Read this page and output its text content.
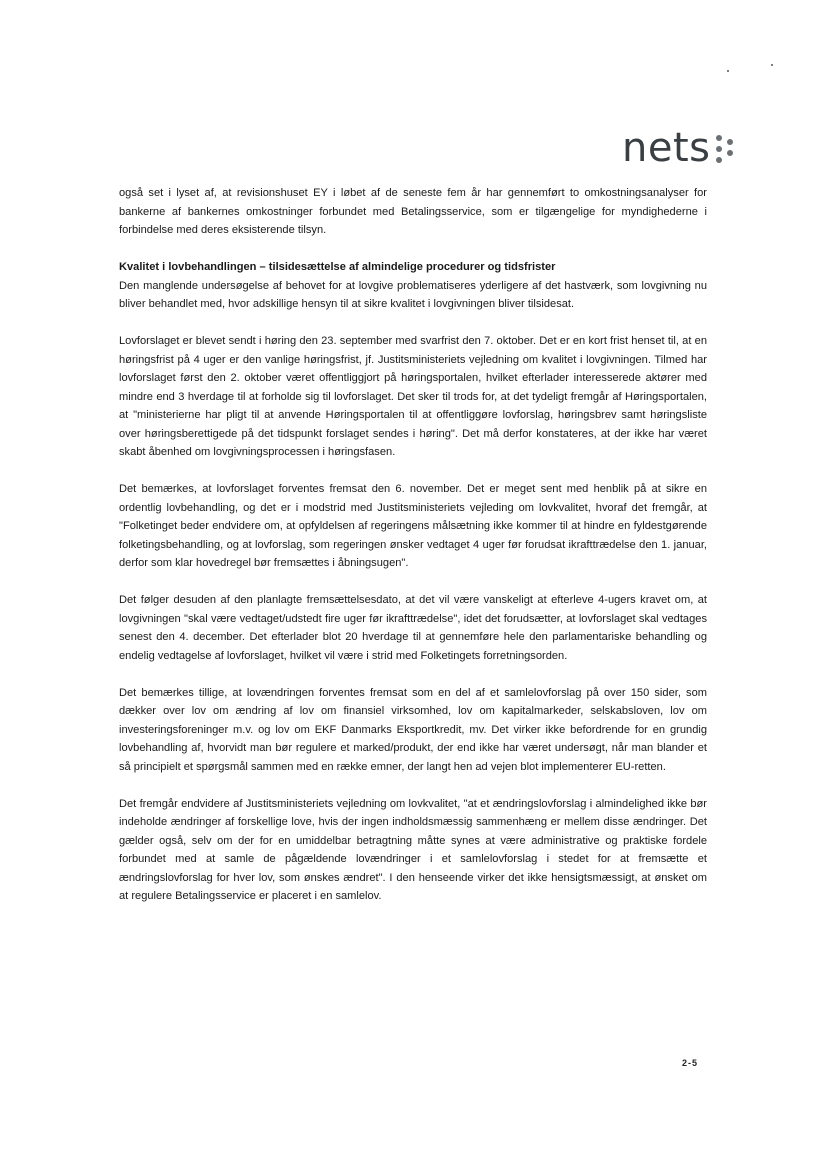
nets

også set i lyset af, at revisionshuset EY i løbet af de seneste fem år har gennemført to omkostningsanalyser for bankerne af bankernes omkostninger forbundet med Betalingsservice, som er tilgængelige for myndighederne i forbindelse med deres eksisterende tilsyn.

Kvalitet i lovbehandlingen – tilsidesættelse af almindelige procedurer og tidsfrister

Den manglende undersøgelse af behovet for at lovgive problematiseres yderligere af det hastværk, som lovgivning nu bliver behandlet med, hvor adskillige hensyn til at sikre kvalitet i lovgivningen bliver tilsidesat.

Lovforslaget er blevet sendt i høring den 23. september med svarfrist den 7. oktober. Det er en kort frist henset til, at en høringsfrist på 4 uger er den vanlige høringsfrist, jf. Justitsministeriets vejledning om kvalitet i lovgivningen. Tilmed har lovforslaget først den 2. oktober været offentliggjort på høringsportalen, hvilket efterlader interesserede aktører med mindre end 3 hverdage til at forholde sig til lovforslaget. Det sker til trods for, at det tydeligt fremgår af Høringsportalen, at "ministerierne har pligt til at anvende Høringsportalen til at offentliggøre lovforslag, høringsbrev samt høringsliste over høringsberettigede på det tidspunkt forslaget sendes i høring". Det må derfor konstateres, at der ikke har været skabt åbenhed om lovgivningsprocessen i høringsfasen.

Det bemærkes, at lovforslaget forventes fremsat den 6. november. Det er meget sent med henblik på at sikre en ordentlig lovbehandling, og det er i modstrid med Justitsministeriets vejleding om lovkvalitet, hvoraf det fremgår, at "Folketinget beder endvidere om, at opfyldelsen af regeringens målsætning ikke kommer til at hindre en fyldestgørende folketingsbehandling, og at lovforslag, som regeringen ønsker vedtaget 4 uger før forudsat ikrafttrædelse den 1. januar, derfor som klar hovedregel bør fremsættes i åbningsugen".

Det følger desuden af den planlagte fremsættelsesdato, at det vil være vanskeligt at efterleve 4-ugers kravet om, at lovgivningen "skal være vedtaget/udstedt fire uger før ikrafttrædelse", idet det forudsætter, at lovforslaget skal vedtages senest den 4. december. Det efterlader blot 20 hverdage til at gennemføre hele den parlamentariske behandling og endelig vedtagelse af lovforslaget, hvilket vil være i strid med Folketingets forretningsorden.

Det bemærkes tillige, at lovændringen forventes fremsat som en del af et samlelovforslag på over 150 sider, som dækker over lov om ændring af lov om finansiel virksomhed, lov om kapitalmarkeder, selskabsloven, lov om investeringsforeninger m.v. og lov om EKF Danmarks Eksportkredit, mv. Det virker ikke befordrende for en grundig lovbehandling af, hvorvidt man bør regulere et marked/produkt, der end ikke har været undersøgt, når man blander et så principielt et spørgsmål sammen med en række emner, der langt hen ad vejen blot implementerer EU-retten.

Det fremgår endvidere af Justitsministeriets vejledning om lovkvalitet, "at et ændringslovforslag i almindelighed ikke bør indeholde ændringer af forskellige love, hvis der ingen indholdsmæssig sammenhæng er mellem disse ændringer. Det gælder også, selv om der for en umiddelbar betragtning måtte synes at være administrative og praktiske fordele forbundet med at samle de pågældende lovændringer i et samlelovforslag i stedet for at fremsætte et ændringslovforslag for hver lov, som ønskes ændret". I den henseende virker det ikke hensigtsmæssigt, at ønsket om at regulere Betalingsservice er placeret i en samlelov.

2-5
